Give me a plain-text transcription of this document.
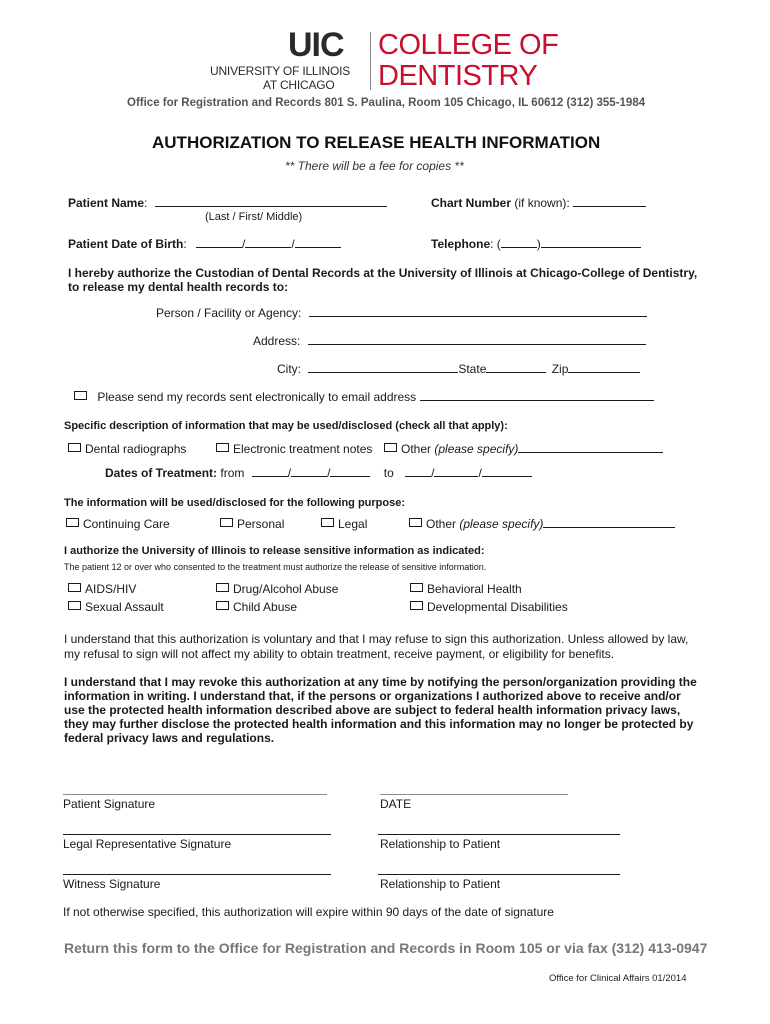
UIC
UNIVERSITY OF ILLINOIS
AT CHICAGO
COLLEGE OF
DENTISTRY
Office for Registration and Records 801 S. Paulina, Room 105 Chicago, IL 60612 (312) 355-1984
AUTHORIZATION TO RELEASE HEALTH INFORMATION
** There will be a fee for copies **
Patient Name:
(Last / First/ Middle)
Chart Number (if known):
Patient Date of Birth:	/	/	Telephone: (	)
I hereby authorize the Custodian of Dental Records at the University of Illinois at Chicago-College of Dentistry,
to release my dental health records to:
Person / Facility or Agency:
Address:
City:	State	Zip
Please send my records sent electronically to email address
Specific description of information that may be used/disclosed (check all that apply):
Dental radiographs	Electronic treatment notes	Other (please specify)
Dates of Treatment: from	/	/	to	/	/
The information will be used/disclosed for the following purpose:
Continuing Care	Personal	Legal	Other (please specify)
I authorize the University of Illinois to release sensitive information as indicated:
The patient 12 or over who consented to the treatment must authorize the release of sensitive information.
AIDS/HIV	Drug/Alcohol Abuse	Behavioral Health
Sexual Assault	Child Abuse	Developmental Disabilities
I understand that this authorization is voluntary and that I may refuse to sign this authorization. Unless allowed by law,
my refusal to sign will not affect my ability to obtain treatment, receive payment, or eligibility for benefits.
I understand that I may revoke this authorization at any time by notifying the person/organization providing the
information in writing. I understand that, if the persons or organizations I authorized above to receive and/or
use the protected health information described above are subject to federal health information privacy laws,
they may further disclose the protected health information and this information may no longer be protected by
federal privacy laws and regulations.
Patient Signature	DATE
Legal Representative Signature	Relationship to Patient
Witness Signature	Relationship to Patient
If not otherwise specified, this authorization will expire within 90 days of the date of signature
Return this form to the Office for Registration and Records in Room 105 or via fax (312) 413-0947
Office for Clinical Affairs 01/2014
